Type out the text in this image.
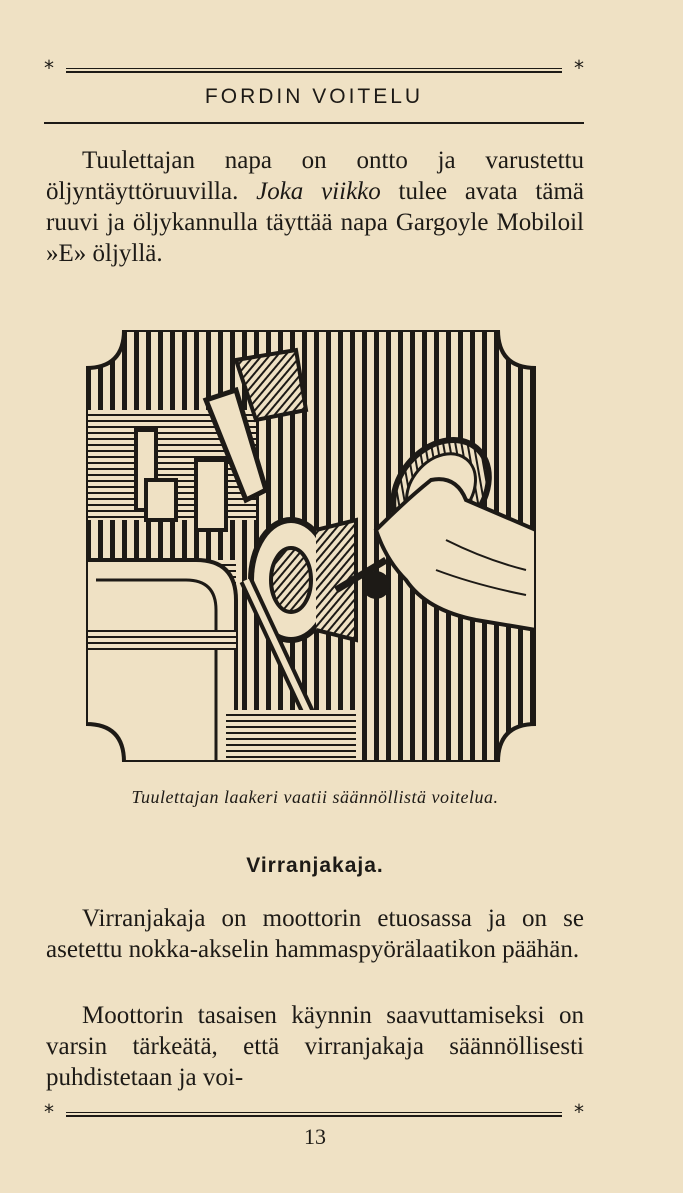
*	*
FORDIN VOITELU

Tuulettajan napa on ontto ja varustettu öljyntäyttöruuvilla. Joka viikko tulee avata tämä ruuvi ja öljykannulla täyttää napa Gargoyle Mobiloil »E» öljyllä.

Tuulettajan laakeri vaatii säännöllistä voitelua.
Virranjakaja.

Virranjakaja on moottorin etuosassa ja on se asetettu nokka-akselin hammaspyörälaatikon päähän.

Moottorin tasaisen käynnin saavuttamiseksi on varsin tärkeätä, että virranjakaja säännöllisesti puhdistetaan ja voi-

*	*
13
